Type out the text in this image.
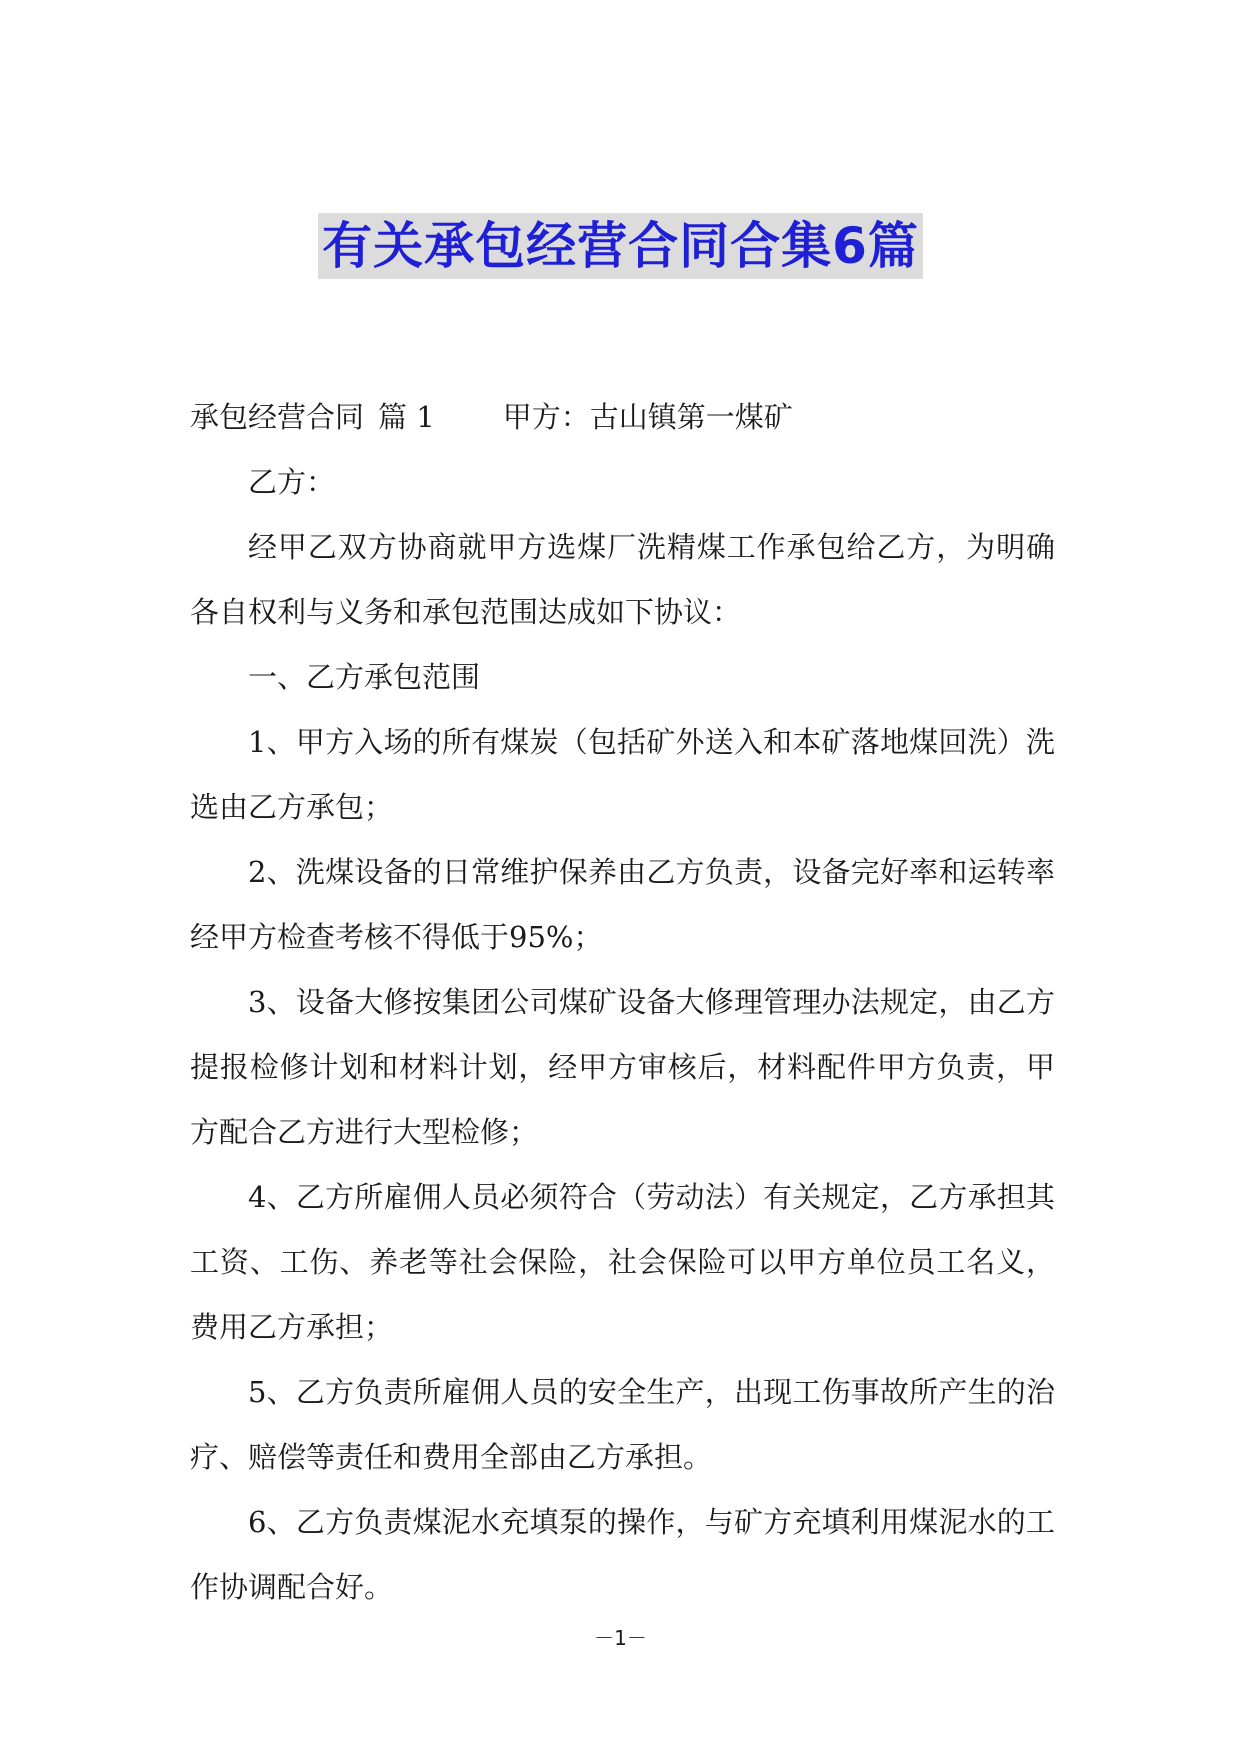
有关承包经营合同合集6篇

承包经营合同 篇 1 甲方：古山镇第一煤矿

乙方：

经甲乙双方协商就甲方选煤厂洗精煤工作承包给乙方，为明确各自权利与义务和承包范围达成如下协议：

一、乙方承包范围

1、甲方入场的所有煤炭（包括矿外送入和本矿落地煤回洗）洗选由乙方承包；

2、洗煤设备的日常维护保养由乙方负责，设备完好率和运转率经甲方检查考核不得低于95%；

3、设备大修按集团公司煤矿设备大修理管理办法规定，由乙方提报检修计划和材料计划，经甲方审核后，材料配件甲方负责，甲方配合乙方进行大型检修；

4、乙方所雇佣人员必须符合（劳动法）有关规定，乙方承担其工资、工伤、养老等社会保险，社会保险可以甲方单位员工名义，费用乙方承担；

5、乙方负责所雇佣人员的安全生产，出现工伤事故所产生的治疗、赔偿等责任和费用全部由乙方承担。

6、乙方负责煤泥水充填泵的操作，与矿方充填利用煤泥水的工作协调配合好。

－1－
